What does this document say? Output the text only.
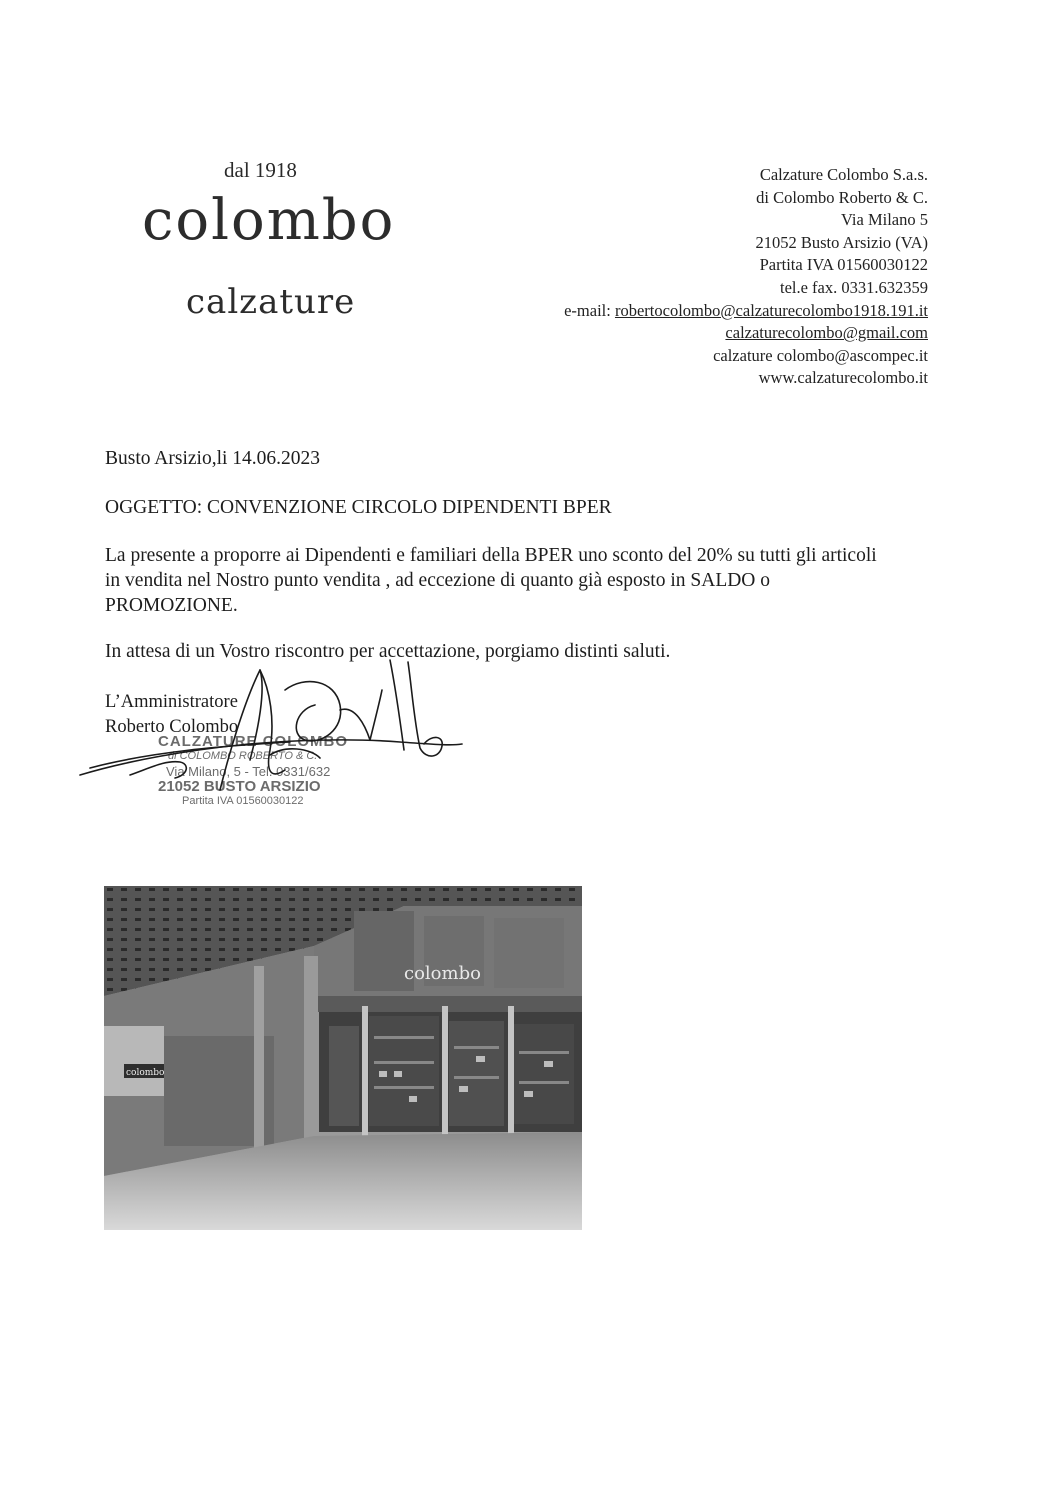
dal 1918
colombo
calzature
Calzature Colombo S.a.s.
di Colombo Roberto & C.
Via Milano 5
21052 Busto Arsizio (VA)
Partita IVA 01560030122
tel.e fax. 0331.632359
e-mail: robertocolombo@calzaturecolombo1918.191.it
calzaturecolombo@gmail.com
calzature colombo@ascompec.it
www.calzaturecolombo.it
Busto Arsizio,li 14.06.2023
OGGETTO: CONVENZIONE CIRCOLO DIPENDENTI BPER
La presente a proporre ai Dipendenti e familiari della BPER uno sconto del 20% su tutti gli articoli
in vendita nel Nostro punto vendita , ad eccezione di quanto già esposto in SALDO o
PROMOZIONE.
In attesa di un Vostro riscontro per accettazione, porgiamo distinti saluti.
L’Amministratore
Roberto Colombo
CALZATURE COLOMBO
di COLOMBO ROBERTO & C.
Via Milano, 5 - Tel. 0331/632
21052 BUSTO ARSIZIO
Partita IVA 01560030122
colombo
colombo
